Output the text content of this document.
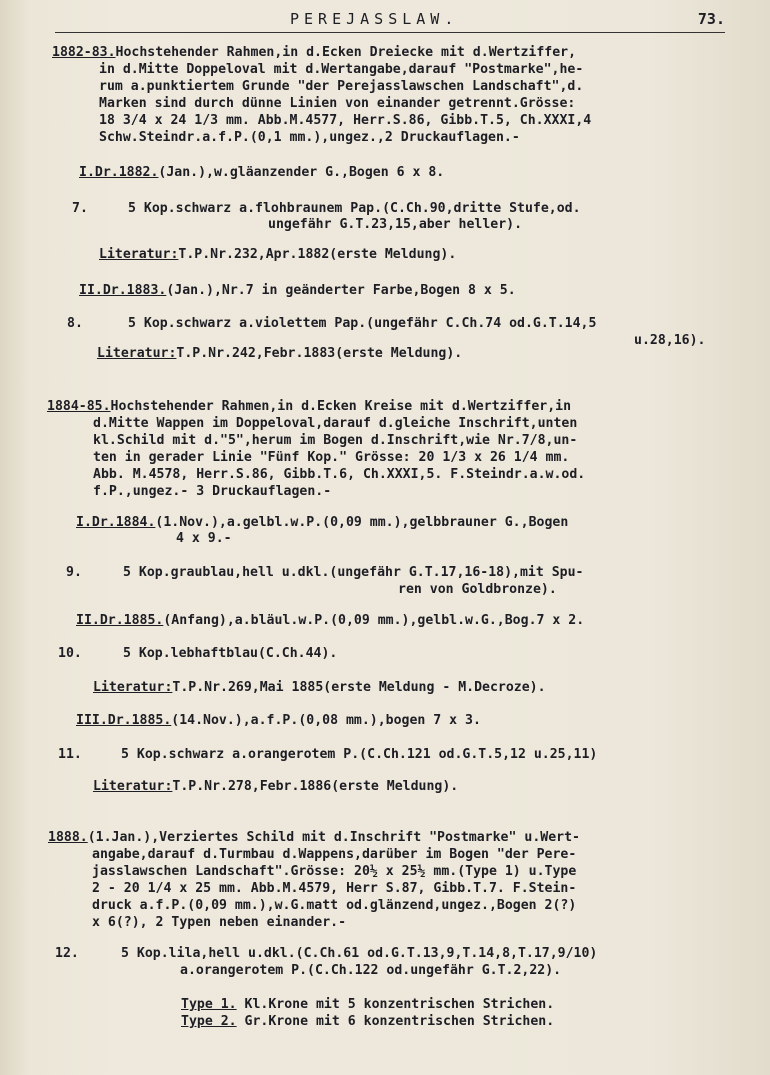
PEREJASSLAW.	73.
1882-83.Hochstehender Rahmen,in d.Ecken Dreiecke mit d.Wertziffer,
in d.Mitte Doppeloval mit d.Wertangabe,darauf "Postmarke",he-
rum a.punktiertem Grunde "der Perejasslawschen Landschaft",d.
Marken sind durch dünne Linien von einander getrennt.Grösse:
18 3/4 x 24 1/3 mm. Abb.M.4577, Herr.S.86, Gibb.T.5, Ch.XXXI,4
Schw.Steindr.a.f.P.(0,1 mm.),ungez.,2 Druckauflagen.-
I.Dr.1882.(Jan.),w.gläanzender G.,Bogen 6 x 8.
7.	5 Kop.schwarz a.flohbraunem Pap.(C.Ch.90,dritte Stufe,od.
ungefähr G.T.23,15,aber heller).
Literatur:T.P.Nr.232,Apr.1882(erste Meldung).
II.Dr.1883.(Jan.),Nr.7 in geänderter Farbe,Bogen 8 x 5.
8.	5 Kop.schwarz a.violettem Pap.(ungefähr C.Ch.74 od.G.T.14,5
u.28,16).
Literatur:T.P.Nr.242,Febr.1883(erste Meldung).
1884-85.Hochstehender Rahmen,in d.Ecken Kreise mit d.Wertziffer,in
d.Mitte Wappen im Doppeloval,darauf d.gleiche Inschrift,unten
kl.Schild mit d."5",herum im Bogen d.Inschrift,wie Nr.7/8,un-
ten in gerader Linie "Fünf Kop." Grösse: 20 1/3 x 26 1/4 mm.
Abb. M.4578, Herr.S.86, Gibb.T.6, Ch.XXXI,5. F.Steindr.a.w.od.
f.P.,ungez.- 3 Druckauflagen.-
I.Dr.1884.(1.Nov.),a.gelbl.w.P.(0,09 mm.),gelbbrauner G.,Bogen
4 x 9.-
9.	5 Kop.graublau,hell u.dkl.(ungefähr G.T.17,16-18),mit Spu-
ren von Goldbronze).
II.Dr.1885.(Anfang),a.bläul.w.P.(0,09 mm.),gelbl.w.G.,Bog.7 x 2.
10.	5 Kop.lebhaftblau(C.Ch.44).
Literatur:T.P.Nr.269,Mai 1885(erste Meldung - M.Decroze).
III.Dr.1885.(14.Nov.),a.f.P.(0,08 mm.),bogen 7 x 3.
11.	5 Kop.schwarz a.orangerotem P.(C.Ch.121 od.G.T.5,12 u.25,11)
Literatur:T.P.Nr.278,Febr.1886(erste Meldung).
1888.(1.Jan.),Verziertes Schild mit d.Inschrift "Postmarke" u.Wert-
angabe,darauf d.Turmbau d.Wappens,darüber im Bogen "der Pere-
jasslawschen Landschaft".Grösse: 20½ x 25½ mm.(Type 1) u.Type
2 - 20 1/4 x 25 mm. Abb.M.4579, Herr S.87, Gibb.T.7. F.Stein-
druck a.f.P.(0,09 mm.),w.G.matt od.glänzend,ungez.,Bogen 2(?)
x 6(?), 2 Typen neben einander.-
12.	5 Kop.lila,hell u.dkl.(C.Ch.61 od.G.T.13,9,T.14,8,T.17,9/10)
a.orangerotem P.(C.Ch.122 od.ungefähr G.T.2,22).
Type 1. Kl.Krone mit 5 konzentrischen Strichen.
Type 2. Gr.Krone mit 6 konzentrischen Strichen.
